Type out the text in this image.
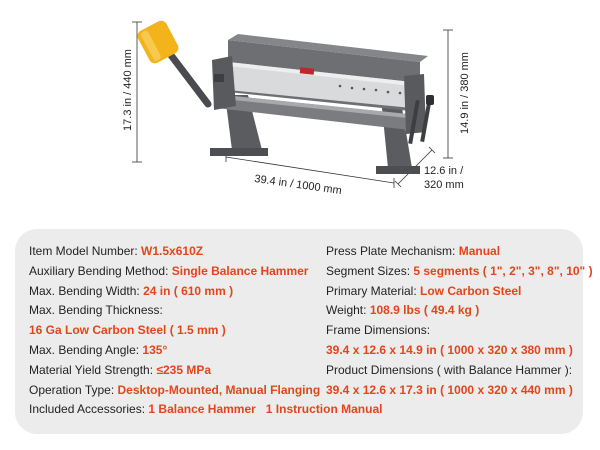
17.3 in / 440 mm	14.9 in / 380 mm
39.4 in / 1000 mm
12.6 in /
320 mm
Item Model Number: W1.5x610Z
Auxiliary Bending Method: Single Balance Hammer
Max. Bending Width: 24 in ( 610 mm )
Max. Bending Thickness:
16 Ga Low Carbon Steel ( 1.5 mm )
Max. Bending Angle: 135°
Material Yield Strength: ≤235 MPa
Operation Type: Desktop-Mounted, Manual Flanging
Included Accessories: 1 Balance Hammer   1 Instruction Manual
Press Plate Mechanism: Manual
Segment Sizes: 5 segments ( 1", 2", 3", 8", 10" )
Primary Material: Low Carbon Steel
Weight: 108.9 lbs ( 49.4 kg )
Frame Dimensions:
39.4 x 12.6 x 14.9 in ( 1000 x 320 x 380 mm )
Product Dimensions ( with Balance Hammer ):
39.4 x 12.6 x 17.3 in ( 1000 x 320 x 440 mm )
